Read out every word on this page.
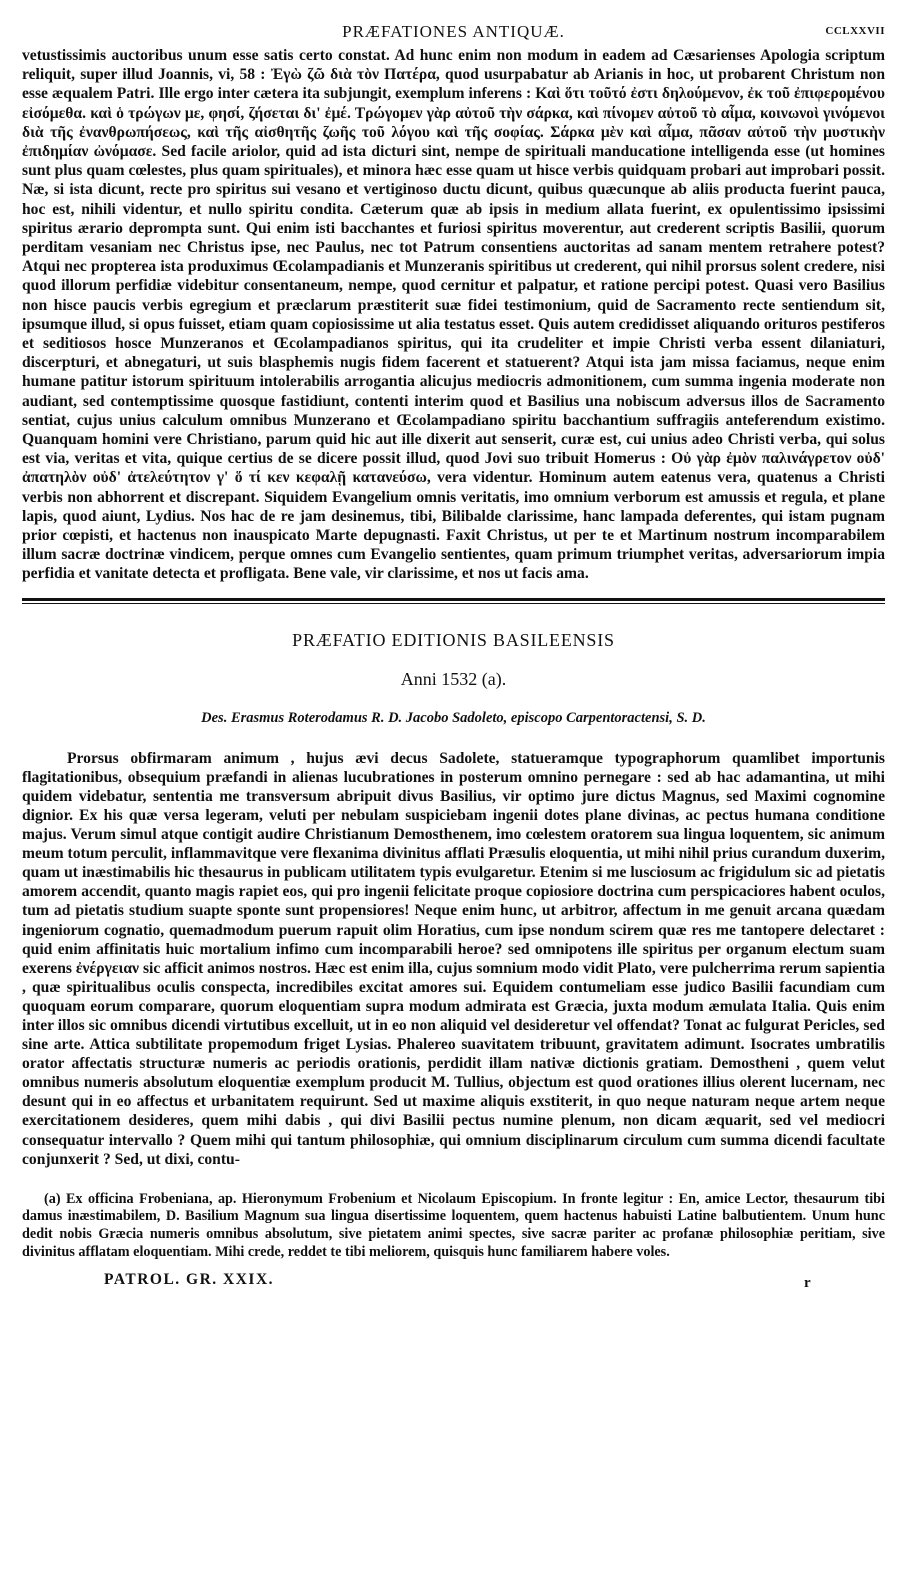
PRÆFATIONES ANTIQUÆ.	CCLXXVII

vetustissimis auctoribus unum esse satis certo constat. Ad hunc enim non modum in eadem ad Cæsarienses Apologia scriptum reliquit, super illud Joannis, vi, 58 : Ἐγὼ ζῶ διὰ τὸν Πατέρα, quod usurpabatur ab Arianis in hoc, ut probarent Christum non esse æqualem Patri. Ille ergo inter cætera ita subjungit, exemplum inferens : Καὶ ὅτι τοῦτό ἐστι δηλούμενον, ἐκ τοῦ ἐπιφερομένου εἰσόμεθα. καὶ ὁ τρώγων με, φησί, ζήσεται δι' ἐμέ. Τρώγομεν γὰρ αὐτοῦ τὴν σάρκα, καὶ πίνομεν αὐτοῦ τὸ αἷμα, κοινωνοὶ γινόμενοι διὰ τῆς ἐνανθρωπήσεως, καὶ τῆς αἰσθητῆς ζωῆς τοῦ λόγου καὶ τῆς σοφίας. Σάρκα μὲν καὶ αἷμα, πᾶσαν αὐτοῦ τὴν μυστικὴν ἐπιδημίαν ὠνόμασε. Sed facile ariolor, quid ad ista dicturi sint, nempe de spirituali manducatione intelligenda esse (ut homines sunt plus quam cœlestes, plus quam spirituales), et minora hæc esse quam ut hisce verbis quidquam probari aut improbari possit. Næ, si ista dicunt, recte pro spiritus sui vesano et vertiginoso ductu dicunt, quibus quæcunque ab aliis producta fuerint pauca, hoc est, nihili videntur, et nullo spiritu condita. Cæterum quæ ab ipsis in medium allata fuerint, ex opulentissimo ipsissimi spiritus ærario deprompta sunt. Qui enim isti bacchantes et furiosi spiritus moverentur, aut crederent scriptis Basilii, quorum perditam vesaniam nec Christus ipse, nec Paulus, nec tot Patrum consentiens auctoritas ad sanam mentem retrahere potest? Atqui nec propterea ista produximus Œcolampadianis et Munzeranis spiritibus ut crederent, qui nihil prorsus solent credere, nisi quod illorum perfidiæ videbitur consentaneum, nempe, quod cernitur et palpatur, et ratione percipi potest. Quasi vero Basilius non hisce paucis verbis egregium et præclarum præstiterit suæ fidei testimonium, quid de Sacramento recte sentiendum sit, ipsumque illud, si opus fuisset, etiam quam copiosissime ut alia testatus esset. Quis autem credidisset aliquando orituros pestiferos et seditiosos hosce Munzeranos et Œcolampadianos spiritus, qui ita crudeliter et impie Christi verba essent dilaniaturi, discerpturi, et abnegaturi, ut suis blasphemis nugis fidem facerent et statuerent? Atqui ista jam missa faciamus, neque enim humane patitur istorum spirituum intolerabilis arrogantia alicujus mediocris admonitionem, cum summa ingenia moderate non audiant, sed contemptissime quosque fastidiunt, contenti interim quod et Basilius una nobiscum adversus illos de Sacramento sentiat, cujus unius calculum omnibus Munzerano et Œcolampadiano spiritu bacchantium suffragiis anteferendum existimo. Quanquam homini vere Christiano, parum quid hic aut ille dixerit aut senserit, curæ est, cui unius adeo Christi verba, qui solus est via, veritas et vita, quique certius de se dicere possit illud, quod Jovi suo tribuit Homerus : Οὐ γὰρ ἐμὸν παλινάγρετον οὐδ' ἀπατηλὸν οὐδ' ἀτελεύτητον γ' ὅ τί κεν κεφαλῇ κατανεύσω, vera videntur. Hominum autem eatenus vera, quatenus a Christi verbis non abhorrent et discrepant. Siquidem Evangelium omnis veritatis, imo omnium verborum est amussis et regula, et plane lapis, quod aiunt, Lydius. Nos hac de re jam desinemus, tibi, Bilibalde clarissime, hanc lampada deferentes, qui istam pugnam prior cœpisti, et hactenus non inauspicato Marte depugnasti. Faxit Christus, ut per te et Martinum nostrum incomparabilem illum sacræ doctrinæ vindicem, perque omnes cum Evangelio sentientes, quam primum triumphet veritas, adversariorum impia perfidia et vanitate detecta et profligata. Bene vale, vir clarissime, et nos ut facis ama.

PRÆFATIO EDITIONIS BASILEENSIS
Anni 1532 (a).
Des. Erasmus Roterodamus R. D. Jacobo Sadoleto, episcopo Carpentoractensi, S. D.

Prorsus obfirmaram animum , hujus ævi decus Sadolete, statueramque typographorum quamlibet importunis flagitationibus, obsequium præfandi in alienas lucubrationes in posterum omnino pernegare : sed ab hac adamantina, ut mihi quidem videbatur, sententia me transversum abripuit divus Basilius, vir optimo jure dictus Magnus, sed Maximi cognomine dignior. Ex his quæ versa legeram, veluti per nebulam suspiciebam ingenii dotes plane divinas, ac pectus humana conditione majus. Verum simul atque contigit audire Christianum Demosthenem, imo cœlestem oratorem sua lingua loquentem, sic animum meum totum perculit, inflammavitque vere flexanima divinitus afflati Præsulis eloquentia, ut mihi nihil prius curandum duxerim, quam ut inæstimabilis hic thesaurus in publicam utilitatem typis evulgaretur. Etenim si me lusciosum ac frigidulum sic ad pietatis amorem accendit, quanto magis rapiet eos, qui pro ingenii felicitate proque copiosiore doctrina cum perspicaciores habent oculos, tum ad pietatis studium suapte sponte sunt propensiores! Neque enim hunc, ut arbitror, affectum in me genuit arcana quædam ingeniorum cognatio, quemadmodum puerum rapuit olim Horatius, cum ipse nondum scirem quæ res me tantopere delectaret : quid enim affinitatis huic mortalium infimo cum incomparabili heroe? sed omnipotens ille spiritus per organum electum suam exerens ἐνέργειαν sic afficit animos nostros. Hæc est enim illa, cujus somnium modo vidit Plato, vere pulcherrima rerum sapientia , quæ spiritualibus oculis conspecta, incredibiles excitat amores sui. Equidem contumeliam esse judico Basilii facundiam cum quoquam eorum comparare, quorum eloquentiam supra modum admirata est Græcia, juxta modum æmulata Italia. Quis enim inter illos sic omnibus dicendi virtutibus excelluit, ut in eo non aliquid vel desideretur vel offendat? Tonat ac fulgurat Pericles, sed sine arte. Attica subtilitate propemodum friget Lysias. Phalereo suavitatem tribuunt, gravitatem adimunt. Isocrates umbratilis orator affectatis structuræ numeris ac periodis orationis, perdidit illam nativæ dictionis gratiam. Demostheni , quem velut omnibus numeris absolutum eloquentiæ exemplum producit M. Tullius, objectum est quod orationes illius olerent lucernam, nec desunt qui in eo affectus et urbanitatem requirunt. Sed ut maxime aliquis exstiterit, in quo neque naturam neque artem neque exercitationem desideres, quem mihi dabis , qui divi Basilii pectus numine plenum, non dicam æquarit, sed vel mediocri consequatur intervallo ? Quem mihi qui tantum philosophiæ, qui omnium disciplinarum circulum cum summa dicendi facultate conjunxerit ? Sed, ut dixi, contu-

(a) Ex officina Frobeniana, ap. Hieronymum Frobenium et Nicolaum Episcopium. In fronte legitur : En, amice Lector, thesaurum tibi damus inæstimabilem, D. Basilium Magnum sua lingua disertissime loquentem, quem hactenus habuisti Latine balbutientem. Unum hunc dedit nobis Græcia numeris omnibus absolutum, sive pietatem animi spectes, sive sacræ pariter ac profanæ philosophiæ peritiam, sive divinitus afflatam eloquentiam. Mihi crede, reddet te tibi meliorem, quisquis hunc familiarem habere voles.

PATROL. GR. XXIX.	r
